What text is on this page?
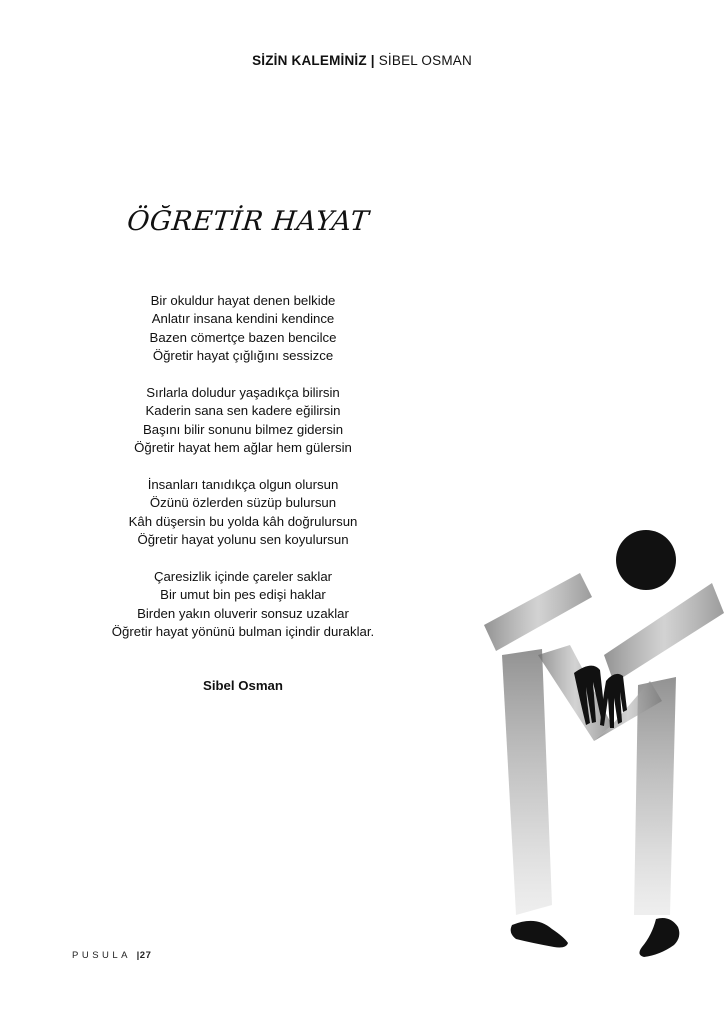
SİZİN KALEMİNİZ | SİBEL OSMAN
ÖĞRETİR HAYAT
Bir okuldur hayat denen belkide
Anlatır insana kendini kendince
Bazen cömertçe bazen bencilce
Öğretir hayat çığlığını sessizce
Sırlarla doludur yaşadıkça bilirsin
Kaderin sana sen kadere eğilirsin
Başını bilir sonunu bilmez gidersin
Öğretir hayat hem ağlar hem gülersin
İnsanları tanıdıkça olgun olursun
Özünü özlerden süzüp bulursun
Kâh düşersin bu yolda kâh doğrulursun
Öğretir hayat yolunu sen koyulursun
Çaresizlik içinde çareler saklar
Bir umut bin pes edişi haklar
Birden yakın oluverir sonsuz uzaklar
Öğretir hayat yönünü bulman içindir duraklar.
Sibel Osman
PUSULA |27
